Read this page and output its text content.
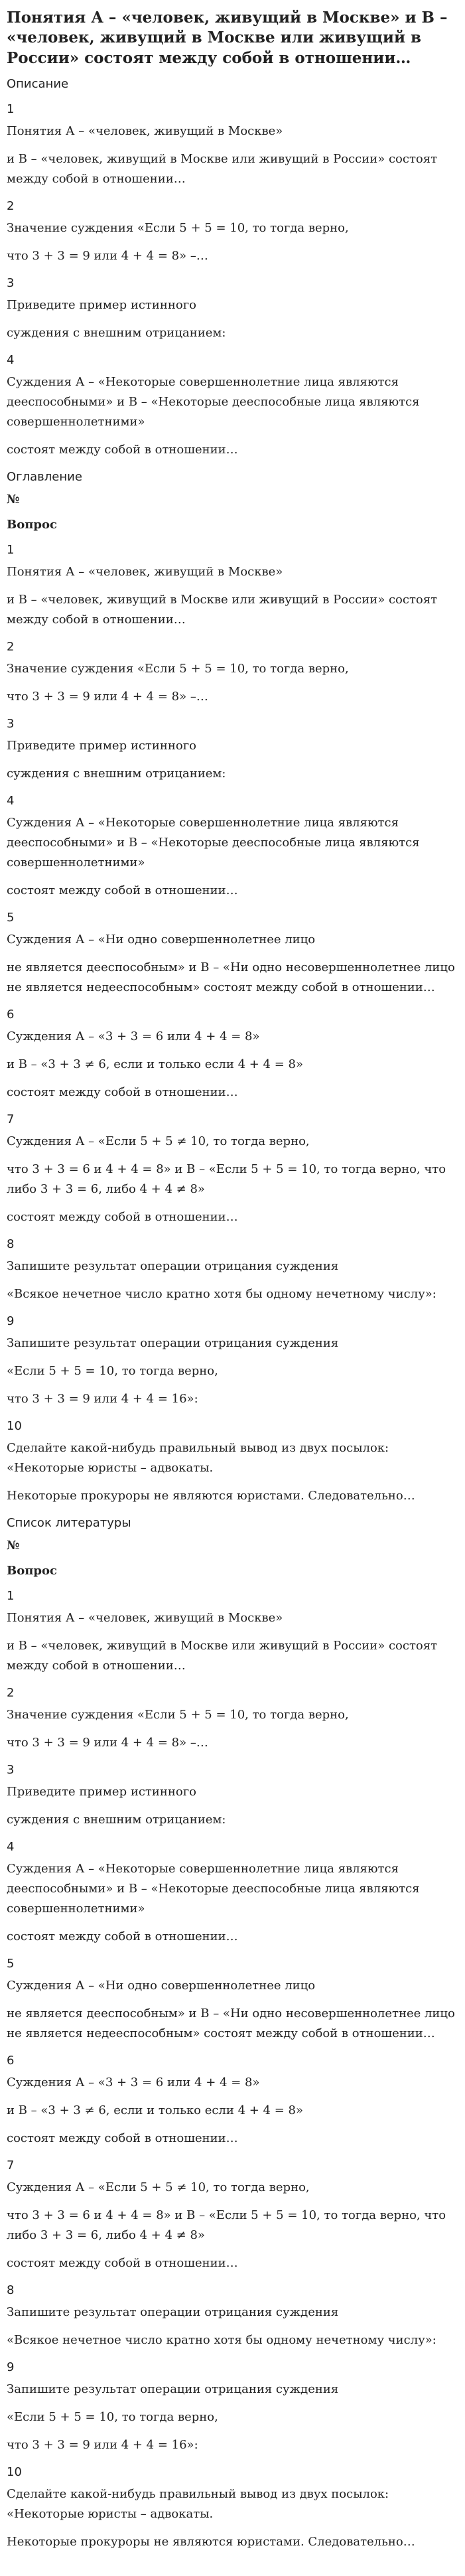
Понятия А – «человек, живущий в Москве» и В – «человек, живущий в Москве или живущий в России» состоят между собой в отношении…
Описание
1

Понятия А – «человек, живущий в Москве»

и В – «человек, живущий в Москве или живущий в России» состоят между собой в отношении…

2

Значение суждения «Если 5 + 5 = 10, то тогда верно,

что 3 + 3 = 9 или 4 + 4 = 8» –…

3

Приведите пример истинного

суждения с внешним отрицанием:

4

Суждения А – «Некоторые совершеннолетние лица являются дееспособными» и В – «Некоторые дееспособные лица являются совершеннолетними»

состоят между собой в отношении…

Оглавление
№
Вопрос
1

Понятия А – «человек, живущий в Москве»

и В – «человек, живущий в Москве или живущий в России» состоят между собой в отношении…

2

Значение суждения «Если 5 + 5 = 10, то тогда верно,

что 3 + 3 = 9 или 4 + 4 = 8» –…

3

Приведите пример истинного

суждения с внешним отрицанием:

4

Суждения А – «Некоторые совершеннолетние лица являются дееспособными» и В – «Некоторые дееспособные лица являются совершеннолетними»

состоят между собой в отношении…

5

Суждения А – «Ни одно совершеннолетнее лицо

не является дееспособным» и В – «Ни одно несовершеннолетнее лицо не является недееспособным» состоят между собой в отношении…

6

Суждения А – «3 + 3 = 6 или 4 + 4 = 8»

и В – «3 + 3 ≠ 6, если и только если 4 + 4 = 8»

состоят между собой в отношении…

7

Суждения А – «Если 5 + 5 ≠ 10, то тогда верно,

что 3 + 3 = 6 и 4 + 4 = 8» и В – «Если 5 + 5 = 10, то тогда верно, что либо 3 + 3 = 6, либо 4 + 4 ≠ 8»

состоят между собой в отношении…

8

Запишите результат операции отрицания суждения

«Всякое нечетное число кратно хотя бы одному нечетному числу»:

9

Запишите результат операции отрицания суждения

«Если 5 + 5 = 10, то тогда верно,

что 3 + 3 = 9 или 4 + 4 = 16»:

10

Сделайте какой-нибудь правильный вывод из двух посылок: «Некоторые юристы – адвокаты.

Некоторые прокуроры не являются юристами. Следовательно…

Список литературы
№
Вопрос
1

Понятия А – «человек, живущий в Москве»

и В – «человек, живущий в Москве или живущий в России» состоят между собой в отношении…

2

Значение суждения «Если 5 + 5 = 10, то тогда верно,

что 3 + 3 = 9 или 4 + 4 = 8» –…

3

Приведите пример истинного

суждения с внешним отрицанием:

4

Суждения А – «Некоторые совершеннолетние лица являются дееспособными» и В – «Некоторые дееспособные лица являются совершеннолетними»

состоят между собой в отношении…

5

Суждения А – «Ни одно совершеннолетнее лицо

не является дееспособным» и В – «Ни одно несовершеннолетнее лицо не является недееспособным» состоят между собой в отношении…

6

Суждения А – «3 + 3 = 6 или 4 + 4 = 8»

и В – «3 + 3 ≠ 6, если и только если 4 + 4 = 8»

состоят между собой в отношении…

7

Суждения А – «Если 5 + 5 ≠ 10, то тогда верно,

что 3 + 3 = 6 и 4 + 4 = 8» и В – «Если 5 + 5 = 10, то тогда верно, что либо 3 + 3 = 6, либо 4 + 4 ≠ 8»

состоят между собой в отношении…

8

Запишите результат операции отрицания суждения

«Всякое нечетное число кратно хотя бы одному нечетному числу»:

9

Запишите результат операции отрицания суждения

«Если 5 + 5 = 10, то тогда верно,

что 3 + 3 = 9 или 4 + 4 = 16»:

10

Сделайте какой-нибудь правильный вывод из двух посылок: «Некоторые юристы – адвокаты.

Некоторые прокуроры не являются юристами. Следовательно…
